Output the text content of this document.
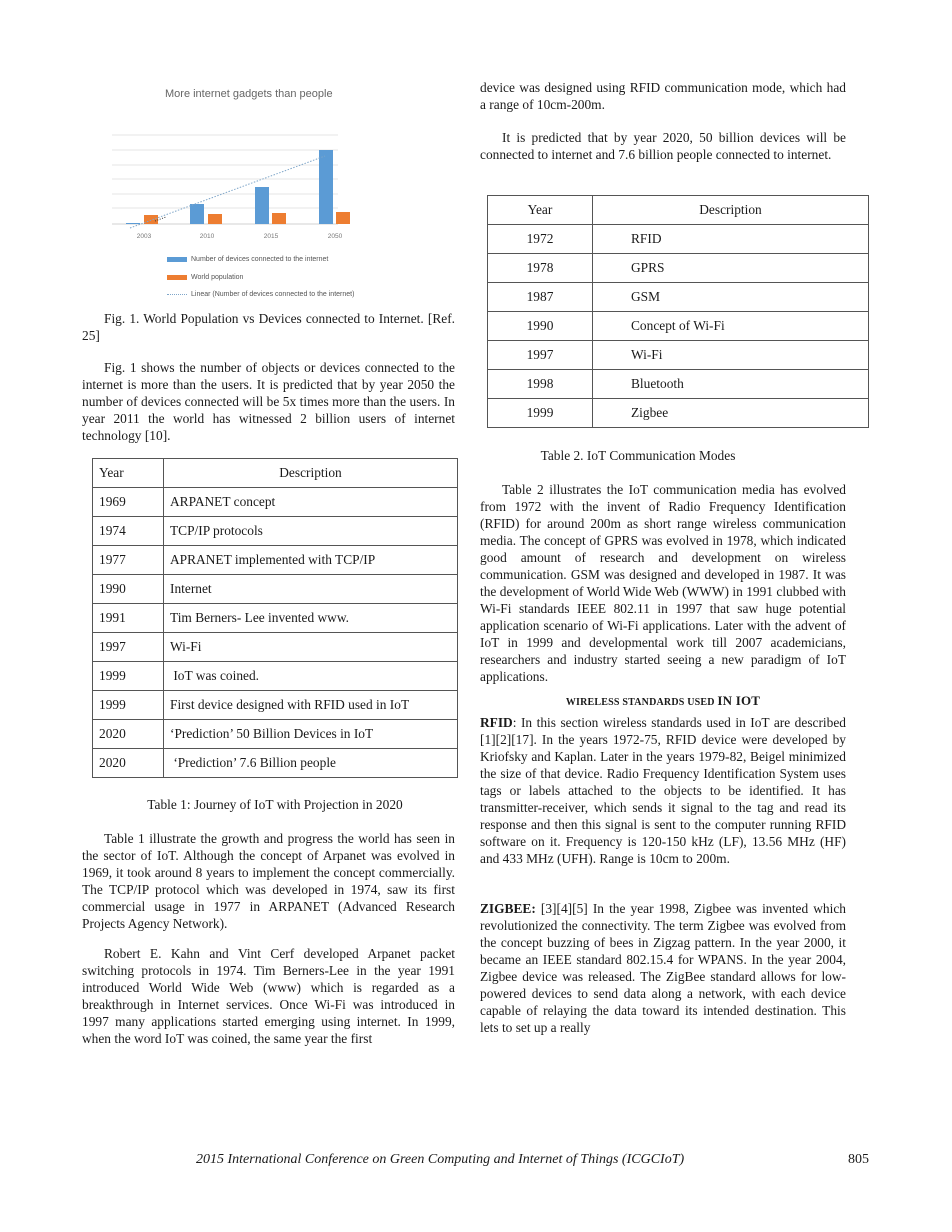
More internet gadgets than people
2003	2010	2015	2050
Number of devices connected to the internet
World population
Linear (Number of devices connected to the internet)

Fig. 1. World Population vs Devices connected to Internet. [Ref. 25]

Fig. 1 shows the number of objects or devices connected to the internet is more than the users. It is predicted that by year 2050 the number of devices connected will be 5x times more than the users. In year 2011 the world has witnessed 2 billion users of internet technology [10].

Year	Description
1969	ARPANET concept
1974	TCP/IP protocols
1977	APRANET implemented with TCP/IP
1990	Internet
1991	Tim Berners- Lee invented www.
1997	Wi-Fi
1999	IoT was coined.
1999	First device designed with RFID used in IoT
2020	‘Prediction’ 50 Billion Devices in IoT
2020	‘Prediction’ 7.6 Billion people
Table 1: Journey of IoT with Projection in 2020

Table 1 illustrate the growth and progress the world has seen in the sector of IoT. Although the concept of Arpanet was evolved in 1969, it took around 8 years to implement the concept commercially. The TCP/IP protocol which was developed in 1974, saw its first commercial usage in 1977 in ARPANET (Advanced Research Projects Agency Network).

Robert E. Kahn and Vint Cerf developed Arpanet packet switching protocols in 1974. Tim Berners-Lee in the year 1991 introduced World Wide Web (www) which is regarded as a breakthrough in Internet services. Once Wi-Fi was introduced in 1997 many applications started emerging using internet. In 1999, when the word IoT was coined, the same year the first

device was designed using RFID communication mode, which had a range of 10cm-200m.

It is predicted that by year 2020, 50 billion devices will be connected to internet and 7.6 billion people connected to internet.

Year	Description
1972	RFID
1978	GPRS
1987	GSM
1990	Concept of Wi-Fi
1997	Wi-Fi
1998	Bluetooth
1999	Zigbee
Table 2. IoT Communication Modes

Table 2 illustrates the IoT communication media has evolved from 1972 with the invent of Radio Frequency Identification (RFID) for around 200m as short range wireless communication media. The concept of GPRS was evolved in 1978, which indicated good amount of research and development on wireless communication. GSM was designed and developed in 1987. It was the development of World Wide Web (WWW) in 1991 clubbed with Wi-Fi standards IEEE 802.11 in 1997 that saw huge potential application scenario of Wi-Fi applications. Later with the advent of IoT in 1999 and developmental work till 2007 academicians, researchers and industry started seeing a new paradigm of IoT applications.

WIRELESS STANDARDS USED IN IOT

RFID: In this section wireless standards used in IoT are described [1][2][17]. In the years 1972-75, RFID device were developed by Kriofsky and Kaplan. Later in the years 1979-82, Beigel minimized the size of that device. Radio Frequency Identification System uses tags or labels attached to the objects to be identified. It has transmitter-receiver, which sends it signal to the tag and read its response and then this signal is sent to the computer running RFID software on it. Frequency is 120-150 kHz (LF), 13.56 MHz (HF) and 433 MHz (UFH). Range is 10cm to 200m.

ZIGBEE: [3][4][5] In the year 1998, Zigbee was invented which revolutionized the connectivity. The term Zigbee was evolved from the concept buzzing of bees in Zigzag pattern. In the year 2000, it became an IEEE standard 802.15.4 for WPANS. In the year 2004, Zigbee device was released. The ZigBee standard allows for low-powered devices to send data along a network, with each device capable of relaying the data toward its intended destination. This lets to set up a really

2015 International Conference on Green Computing and Internet of Things (ICGCIoT)	805
